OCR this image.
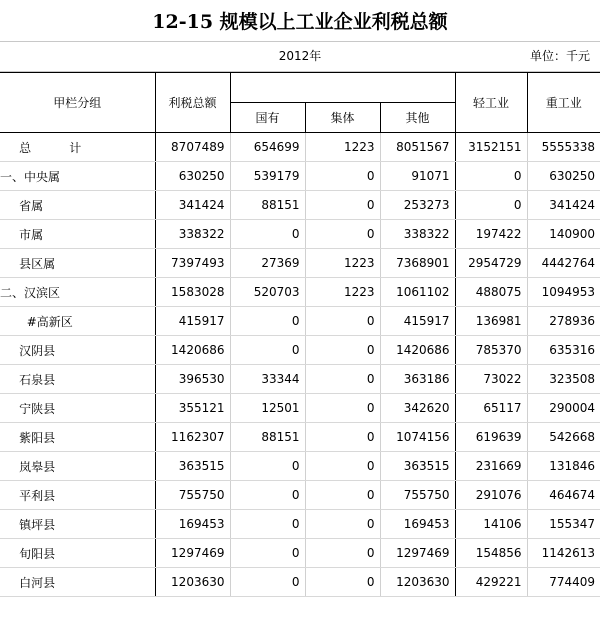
12-15 规模以上工业企业利税总额
2012年	单位：千元
甲栏分组	利税总额				轻工业	重工业
		国有	集体	其他		
总          计	8707489	654699	1223	8051567	3152151	5555338
一、中央属	630250	539179	0	91071	0	630250
省属	341424	88151	0	253273	0	341424
市属	338322	0	0	338322	197422	140900
县区属	7397493	27369	1223	7368901	2954729	4442764
二、汉滨区	1583028	520703	1223	1061102	488075	1094953
#高新区	415917	0	0	415917	136981	278936
汉阴县	1420686	0	0	1420686	785370	635316
石泉县	396530	33344	0	363186	73022	323508
宁陕县	355121	12501	0	342620	65117	290004
紫阳县	1162307	88151	0	1074156	619639	542668
岚皋县	363515	0	0	363515	231669	131846
平利县	755750	0	0	755750	291076	464674
镇坪县	169453	0	0	169453	14106	155347
旬阳县	1297469	0	0	1297469	154856	1142613
白河县	1203630	0	0	1203630	429221	774409
